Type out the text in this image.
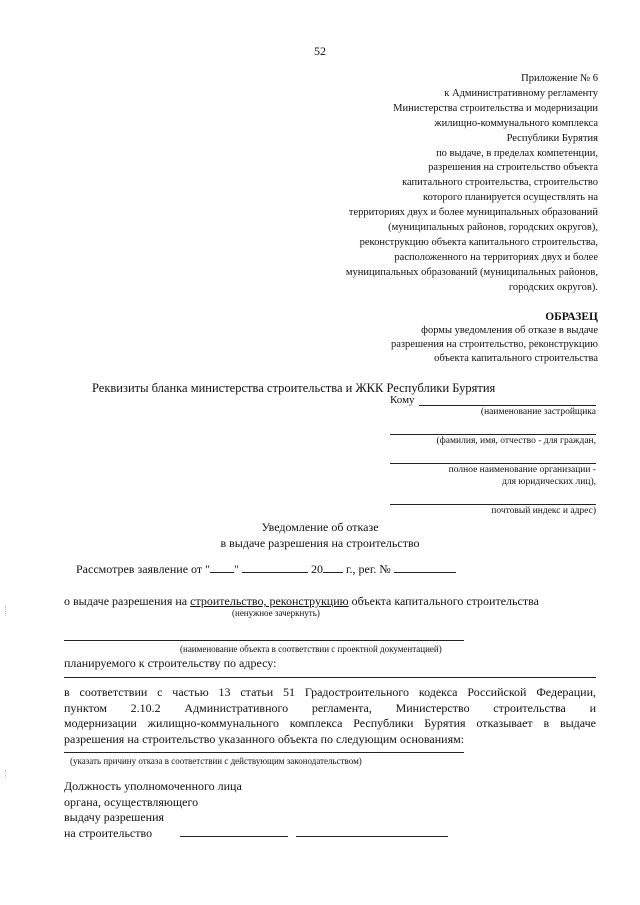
52
Приложение № 6
к Административному регламенту
Министерства строительства и модернизации
жилищно-коммунального комплекса
Республики Бурятия
по выдаче, в пределах компетенции,
разрешения на строительство объекта
капитального строительства, строительство
которого планируется осуществлять на
территориях двух и более муниципальных образований
(муниципальных районов, городских округов),
реконструкцию объекта капитального строительства,
расположенного на территориях двух и более
муниципальных образований (муниципальных районов,
городских округов).
ОБРАЗЕЦ
формы уведомления об отказе в выдаче
разрешения на строительство, реконструкцию
объекта капитального строительства
Реквизиты бланка министерства строительства и ЖКК Республики Бурятия
Кому
(наименование застройщика
(фамилия, имя, отчество - для граждан,
полное наименование организации -
для юридических лиц),
почтовый индекс и адрес)
Уведомление об отказе
в выдаче разрешения на строительство
Рассмотрев заявление от " "	20 г., рег. №
о выдаче разрешения на строительство, реконструкцию объекта капитального строительства
(ненужное зачеркнуть)
(наименование объекта в соответствии с проектной документацией)
планируемого к строительству по адресу:
в соответствии с частью 13 статьи 51 Градостроительного кодекса Российской Федерации,
пунктом 2.10.2 Административного регламента, Министерство строительства и
модернизации жилищно-коммунального комплекса Республики Бурятия отказывает в выдаче
разрешения на строительство указанного объекта по следующим основаниям:
(указать причину отказа в соответствии с действующим законодательством)
Должность уполномоченного лица
органа, осуществляющего
выдачу разрешения
на строительство
